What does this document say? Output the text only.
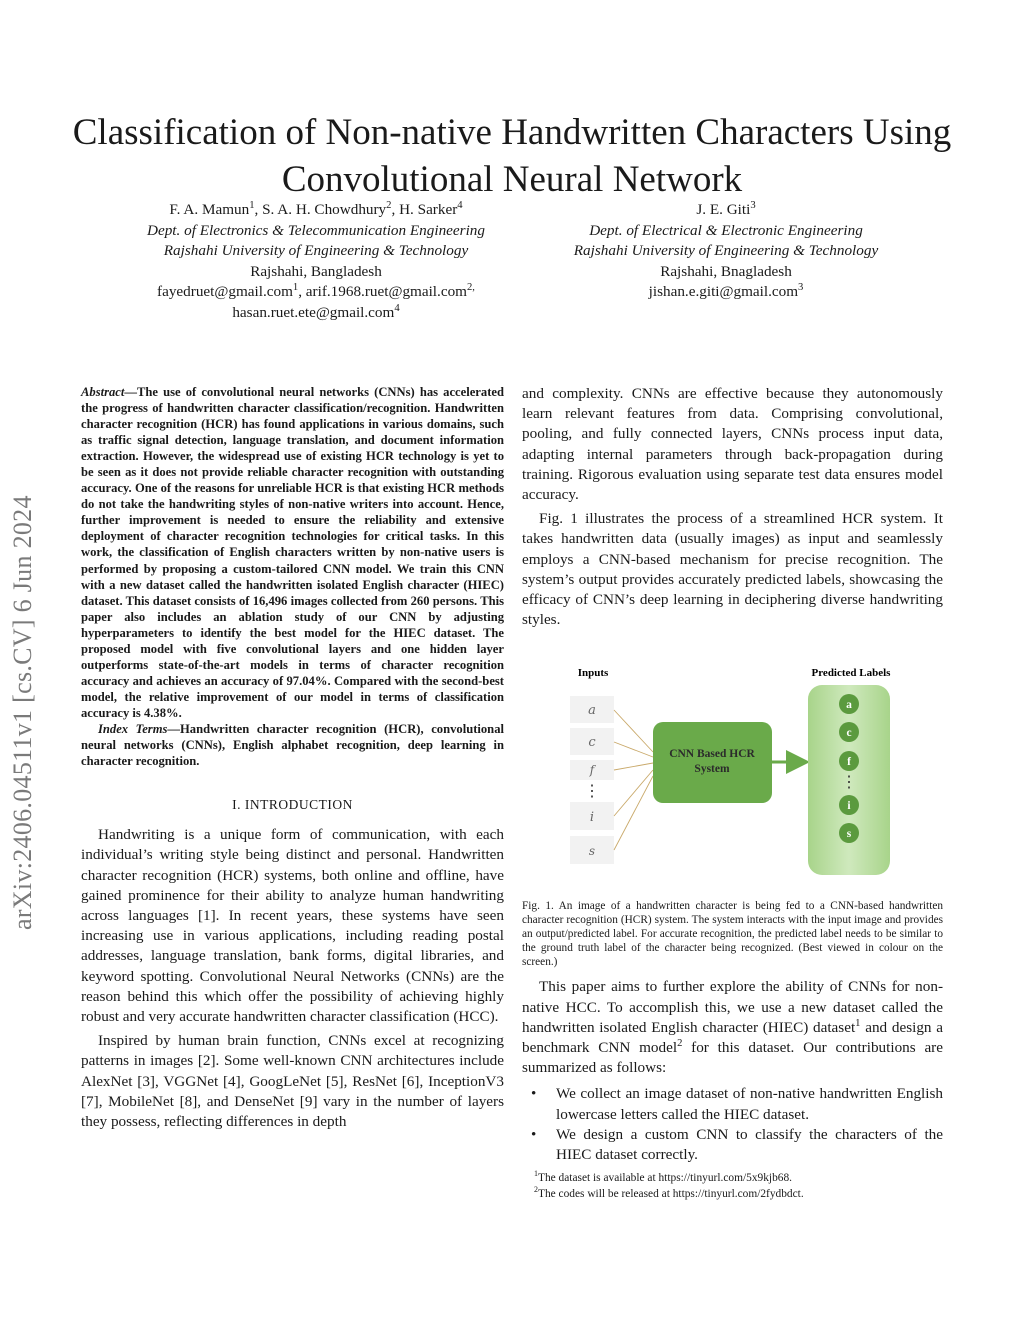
Classification of Non-native Handwritten Characters Using Convolutional Neural Network
F. A. Mamun$^1$, S. A. H. Chowdhury$^2$, H. Sarker$^4$
Dept. of Electronics & Telecommunication Engineering
Rajshahi University of Engineering & Technology
Rajshahi, Bangladesh
fayedruet@gmail.com$^1$, arif.1968.ruet@gmail.com$^{2,}$
hasan.ruet.ete@gmail.com$^4$
J. E. Giti$^3$
Dept. of Electrical & Electronic Engineering
Rajshahi University of Engineering & Technology
Rajshahi, Bnagladesh
jishan.e.giti@gmail.com$^3$
arXiv:2406.04511v1 [cs.CV] 6 Jun 2024

Abstract—The use of convolutional neural networks (CNNs) has accelerated the progress of handwritten character classification/recognition. Handwritten character recognition (HCR) has found applications in various domains, such as traffic signal detection, language translation, and document information extraction. However, the widespread use of existing HCR technology is yet to be seen as it does not provide reliable character recognition with outstanding accuracy. One of the reasons for unreliable HCR is that existing HCR methods do not take the handwriting styles of non-native writers into account. Hence, further improvement is needed to ensure the reliability and extensive deployment of character recognition technologies for critical tasks. In this work, the classification of English characters written by non-native users is performed by proposing a custom-tailored CNN model. We train this CNN with a new dataset called the handwritten isolated English character (HIEC) dataset. This dataset consists of 16,496 images collected from 260 persons. This paper also includes an ablation study of our CNN by adjusting hyperparameters to identify the best model for the HIEC dataset. The proposed model with five convolutional layers and one hidden layer outperforms state-of-the-art models in terms of character recognition accuracy and achieves an accuracy of 97.04%. Compared with the second-best model, the relative improvement of our model in terms of classification accuracy is 4.38%.

Index Terms—Handwritten character recognition (HCR), convolutional neural networks (CNNs), English alphabet recognition, deep learning in character recognition.

I. INTRODUCTION

Handwriting is a unique form of communication, with each individual’s writing style being distinct and personal. Handwritten character recognition (HCR) systems, both online and offline, have gained prominence for their ability to analyze human handwriting across languages [1]. In recent years, these systems have seen increasing use in various applications, including reading postal addresses, language translation, bank forms, digital libraries, and keyword spotting. Convolutional Neural Networks (CNNs) are the reason behind this which offer the possibility of achieving highly robust and very accurate handwritten character classification (HCC).

Inspired by human brain function, CNNs excel at recognizing patterns in images [2]. Some well-known CNN architectures include AlexNet [3], VGGNet [4], GoogLeNet [5], ResNet [6], InceptionV3 [7], MobileNet [8], and DenseNet [9] vary in the number of layers they possess, reflecting differences in depth

and complexity. CNNs are effective because they autonomously learn relevant features from data. Comprising convolutional, pooling, and fully connected layers, CNNs process input data, adapting internal parameters through back-propagation during training. Rigorous evaluation using separate test data ensures model accuracy.

Fig. 1 illustrates the process of a streamlined HCR system. It takes handwritten data (usually images) as input and seamlessly employs a CNN-based mechanism for precise recognition. The system’s output provides accurately predicted labels, showcasing the efficacy of CNN’s deep learning in deciphering diverse handwriting styles.

Inputs	Predicted Labels
a
c
f
⋮
i
s
CNN Based HCR
System
a
c
f
⋮
i
s

Fig. 1. An image of a handwritten character is being fed to a CNN-based handwritten character recognition (HCR) system. The system interacts with the input image and provides an output/predicted label. For accurate recognition, the predicted label needs to be similar to the ground truth label of the character being recognized. (Best viewed in colour on the screen.)

This paper aims to further explore the ability of CNNs for non-native HCC. To accomplish this, we use a new dataset called the handwritten isolated English character (HIEC) dataset$^1$ and design a benchmark CNN model$^2$ for this dataset. Our contributions are summarized as follows:

• We collect an image dataset of non-native handwritten English lowercase letters called the HIEC dataset.
• We design a custom CNN to classify the characters of the HIEC dataset correctly.
$^1$The dataset is available at https://tinyurl.com/5x9kjb68.
$^2$The codes will be released at https://tinyurl.com/2fydbdct.
